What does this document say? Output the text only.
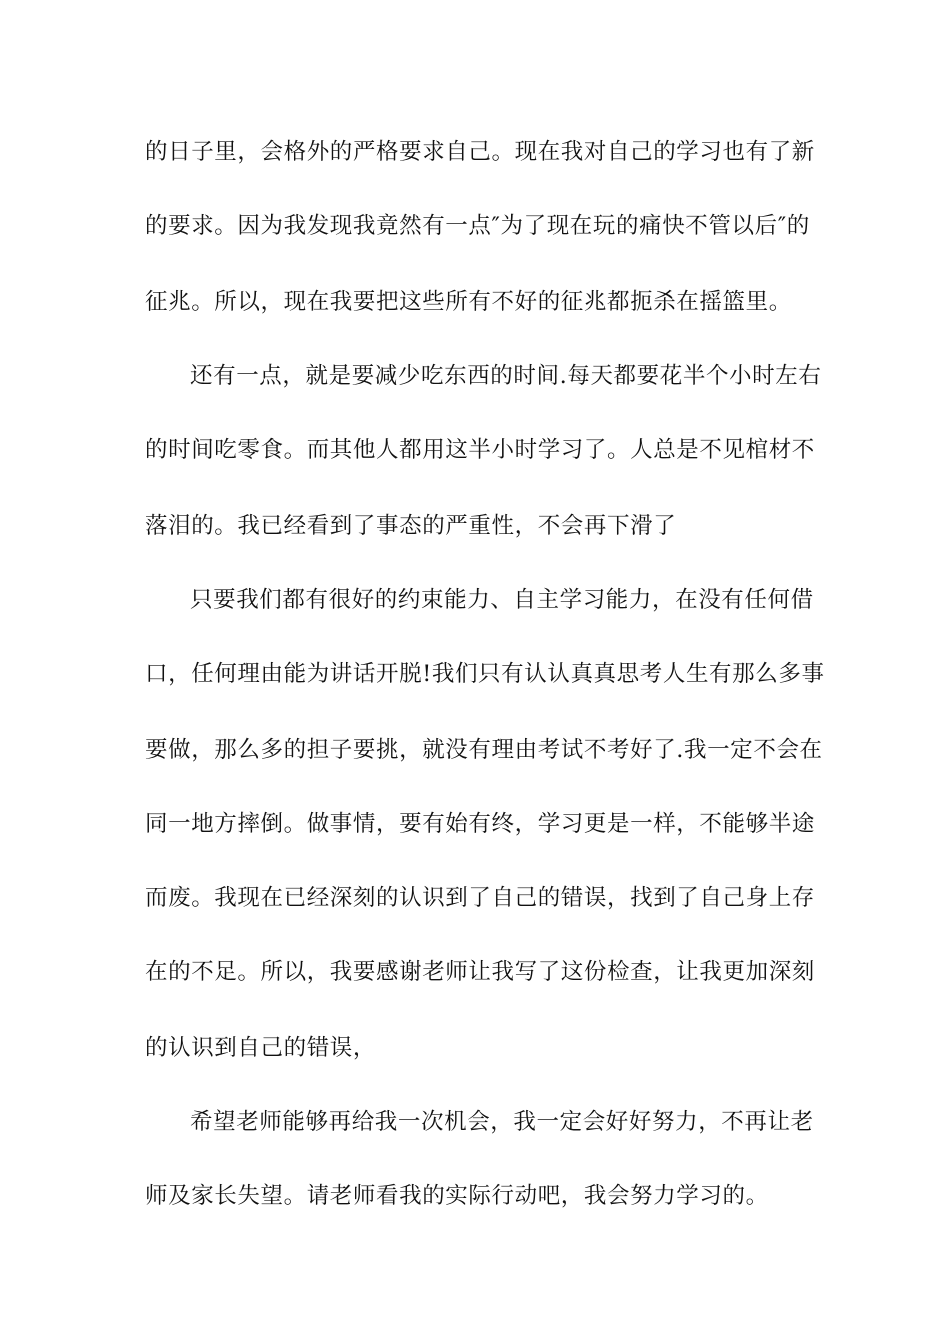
的日子里，会格外的严格要求自己。现在我对自己的学习也有了新
的要求。因为我发现我竟然有一点″为了现在玩的痛快不管以后″的
征兆。所以，现在我要把这些所有不好的征兆都扼杀在摇篮里。
还有一点，就是要减少吃东西的时间.每天都要花半个小时左右
的时间吃零食。而其他人都用这半小时学习了。人总是不见棺材不
落泪的。我已经看到了事态的严重性，不会再下滑了
只要我们都有很好的约束能力、自主学习能力，在没有任何借
口，任何理由能为讲话开脱!我们只有认认真真思考人生有那么多事
要做，那么多的担子要挑，就没有理由考试不考好了.我一定不会在
同一地方摔倒。做事情，要有始有终，学习更是一样，不能够半途
而废。我现在已经深刻的认识到了自己的错误，找到了自己身上存
在的不足。所以，我要感谢老师让我写了这份检查，让我更加深刻
的认识到自己的错误，
希望老师能够再给我一次机会，我一定会好好努力，不再让老
师及家长失望。请老师看我的实际行动吧，我会努力学习的。
